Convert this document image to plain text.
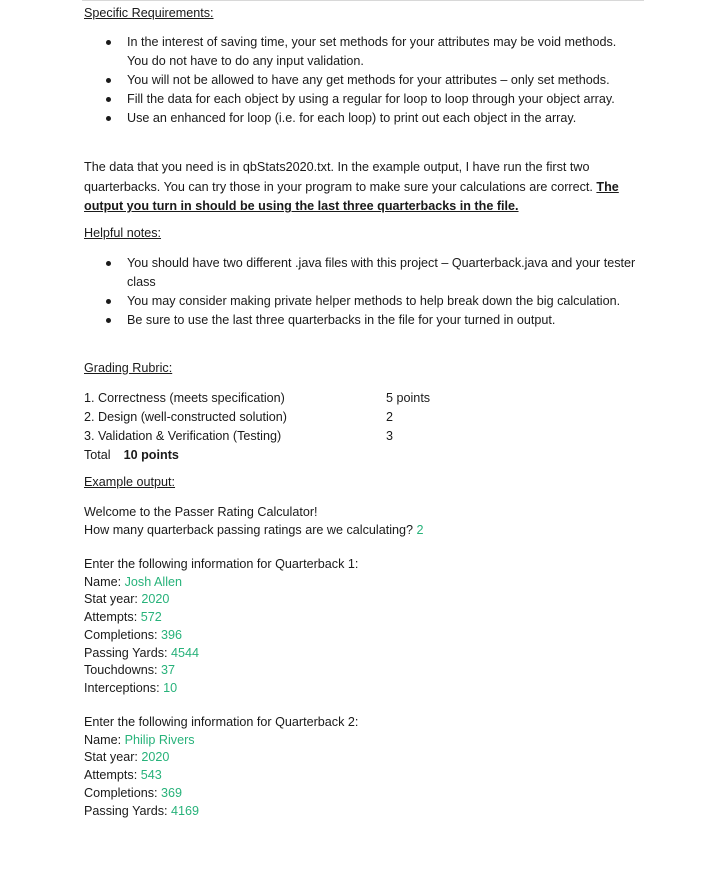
Specific Requirements:
In the interest of saving time, your set methods for your attributes may be void methods. You do not have to do any input validation.
You will not be allowed to have any get methods for your attributes – only set methods.
Fill the data for each object by using a regular for loop to loop through your object array.
Use an enhanced for loop (i.e. for each loop) to print out each object in the array.

The data that you need is in qbStats2020.txt. In the example output, I have run the first two quarterbacks. You can try those in your program to make sure your calculations are correct. The output you turn in should be using the last three quarterbacks in the file.

Helpful notes:
You should have two different .java files with this project – Quarterback.java and your tester class
You may consider making private helper methods to help break down the big calculation.
Be sure to use the last three quarterbacks in the file for your turned in output.
Grading Rubric:
1. Correctness (meets specification)	5 points
2. Design (well-constructed solution)	2
3. Validation & Verification (Testing)	3
Total 10 points
Example output:
Welcome to the Passer Rating Calculator!
How many quarterback passing ratings are we calculating? 2
Enter the following information for Quarterback 1:
Name: Josh Allen
Stat year: 2020
Attempts: 572
Completions: 396
Passing Yards: 4544
Touchdowns: 37
Interceptions: 10
Enter the following information for Quarterback 2:
Name: Philip Rivers
Stat year: 2020
Attempts: 543
Completions: 369
Passing Yards: 4169
